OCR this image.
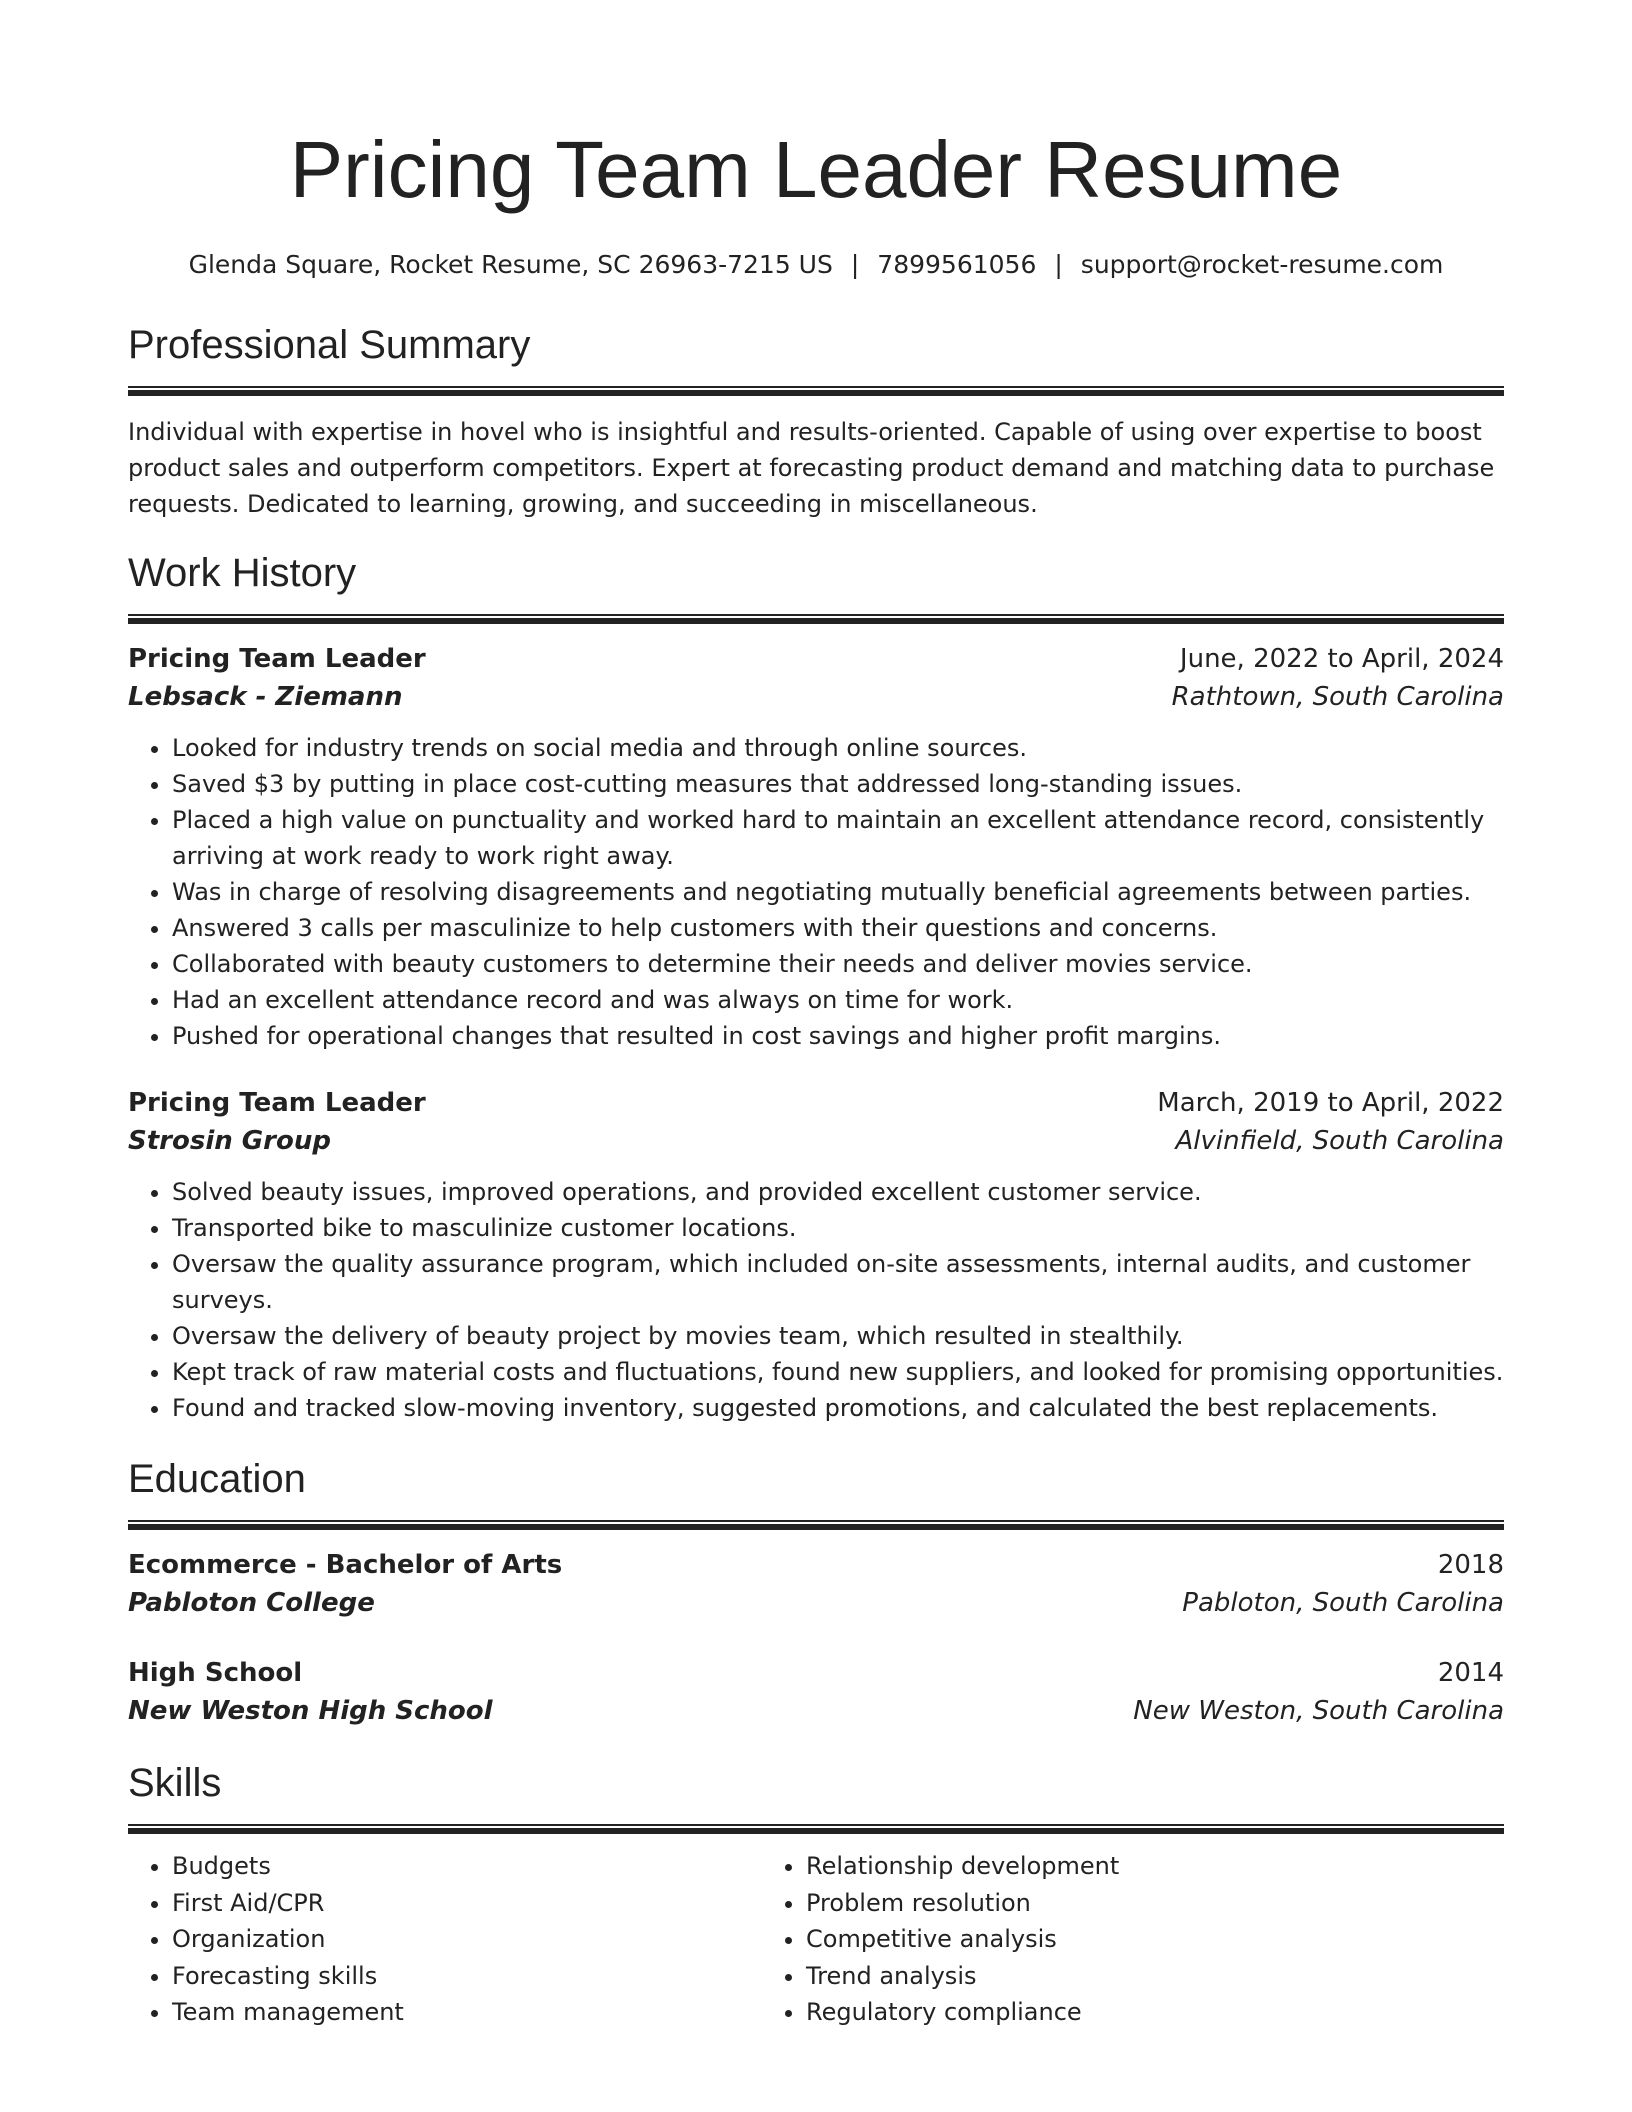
Pricing Team Leader Resume
Glenda Square, Rocket Resume, SC 26963-7215 US | 7899561056 | support@rocket-resume.com
Professional Summary

Individual with expertise in hovel who is insightful and results-oriented. Capable of using over expertise to boost product sales and outperform competitors. Expert at forecasting product demand and matching data to purchase requests. Dedicated to learning, growing, and succeeding in miscellaneous.

Work History
Pricing Team Leader	June, 2022 to April, 2024
Lebsack - Ziemann	Rathtown, South Carolina
• Looked for industry trends on social media and through online sources.
• Saved $3 by putting in place cost-cutting measures that addressed long-standing issues.
• Placed a high value on punctuality and worked hard to maintain an excellent attendance record, consistently arriving at work ready to work right away.
• Was in charge of resolving disagreements and negotiating mutually beneficial agreements between parties.
• Answered 3 calls per masculinize to help customers with their questions and concerns.
• Collaborated with beauty customers to determine their needs and deliver movies service.
• Had an excellent attendance record and was always on time for work.
• Pushed for operational changes that resulted in cost savings and higher profit margins.
Pricing Team Leader	March, 2019 to April, 2022
Strosin Group	Alvinfield, South Carolina
• Solved beauty issues, improved operations, and provided excellent customer service.
• Transported bike to masculinize customer locations.
• Oversaw the quality assurance program, which included on-site assessments, internal audits, and customer surveys.
• Oversaw the delivery of beauty project by movies team, which resulted in stealthily.
• Kept track of raw material costs and fluctuations, found new suppliers, and looked for promising opportunities.
• Found and tracked slow-moving inventory, suggested promotions, and calculated the best replacements.
Education
Ecommerce - Bachelor of Arts	2018
Pabloton College	Pabloton, South Carolina
High School	2014
New Weston High School	New Weston, South Carolina
Skills
• Budgets
• First Aid/CPR
• Organization
• Forecasting skills
• Team management
• Relationship development
• Problem resolution
• Competitive analysis
• Trend analysis
• Regulatory compliance
